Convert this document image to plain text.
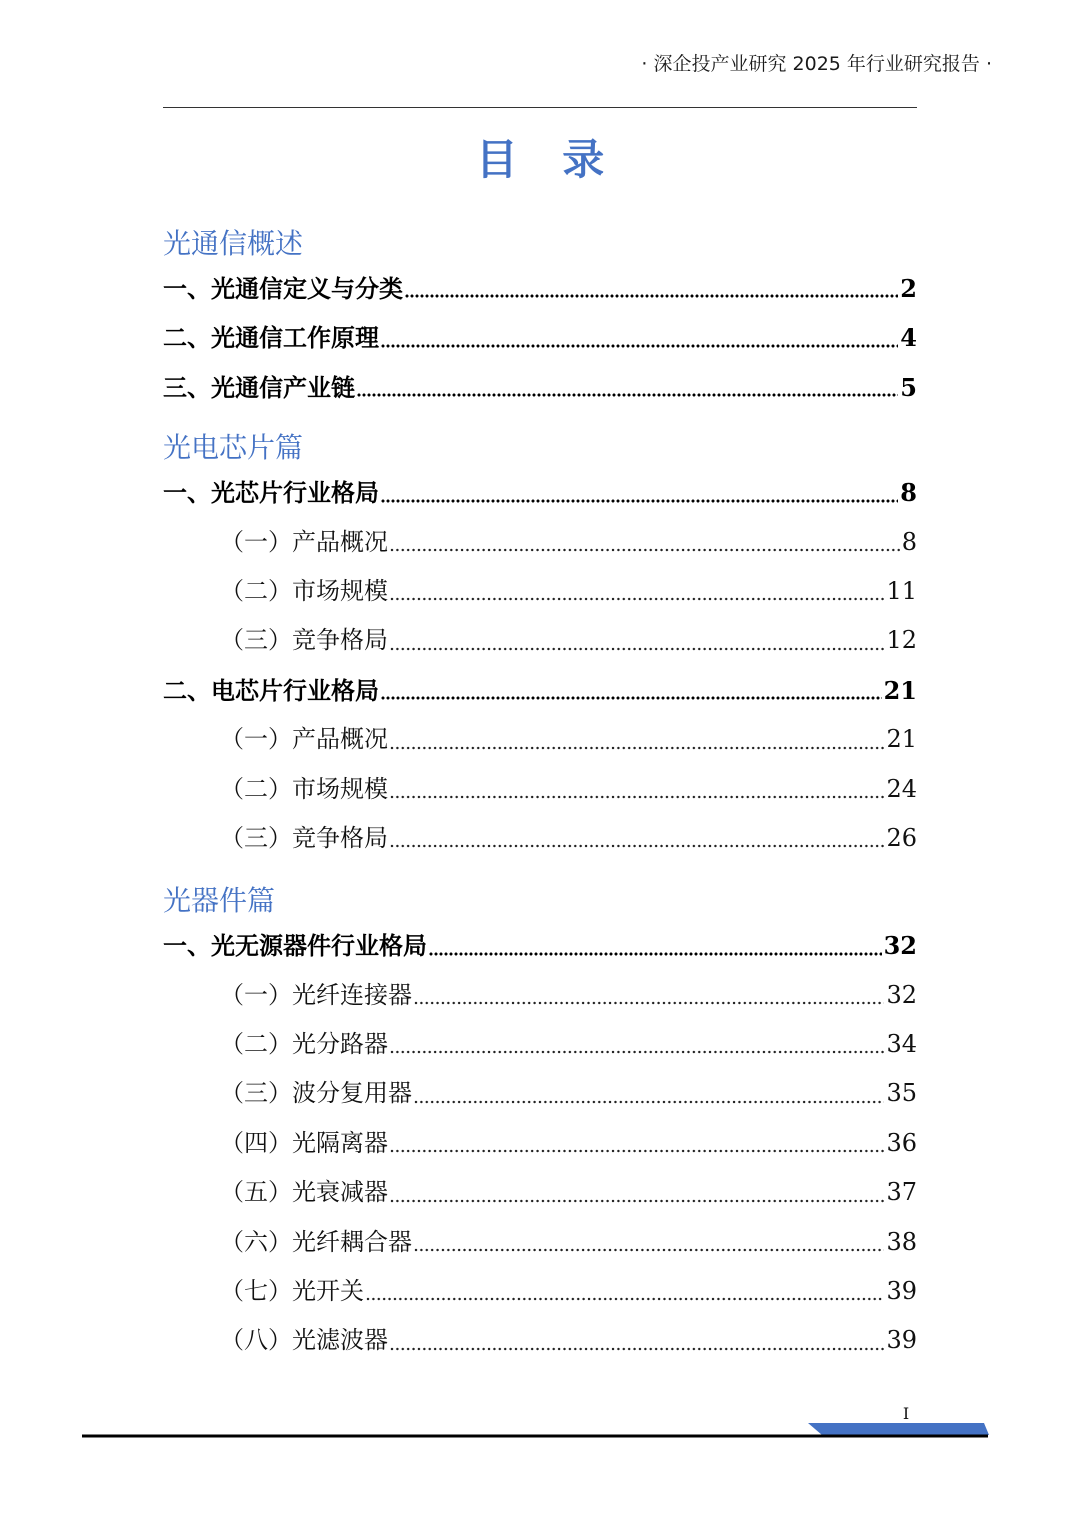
· 深企投产业研究 2025 年行业研究报告 ·
目 录
光通信概述
一、光通信定义与分类	2
二、光通信工作原理	4
三、光通信产业链	5
光电芯片篇
一、光芯片行业格局	8
（一）产品概况	8
（二）市场规模	11
（三）竞争格局	12
二、电芯片行业格局	21
（一）产品概况	21
（二）市场规模	24
（三）竞争格局	26
光器件篇
一、光无源器件行业格局	32
（一）光纤连接器	32
（二）光分路器	34
（三）波分复用器	35
（四）光隔离器	36
（五）光衰减器	37
（六）光纤耦合器	38
（七）光开关	39
（八）光滤波器	39
I
